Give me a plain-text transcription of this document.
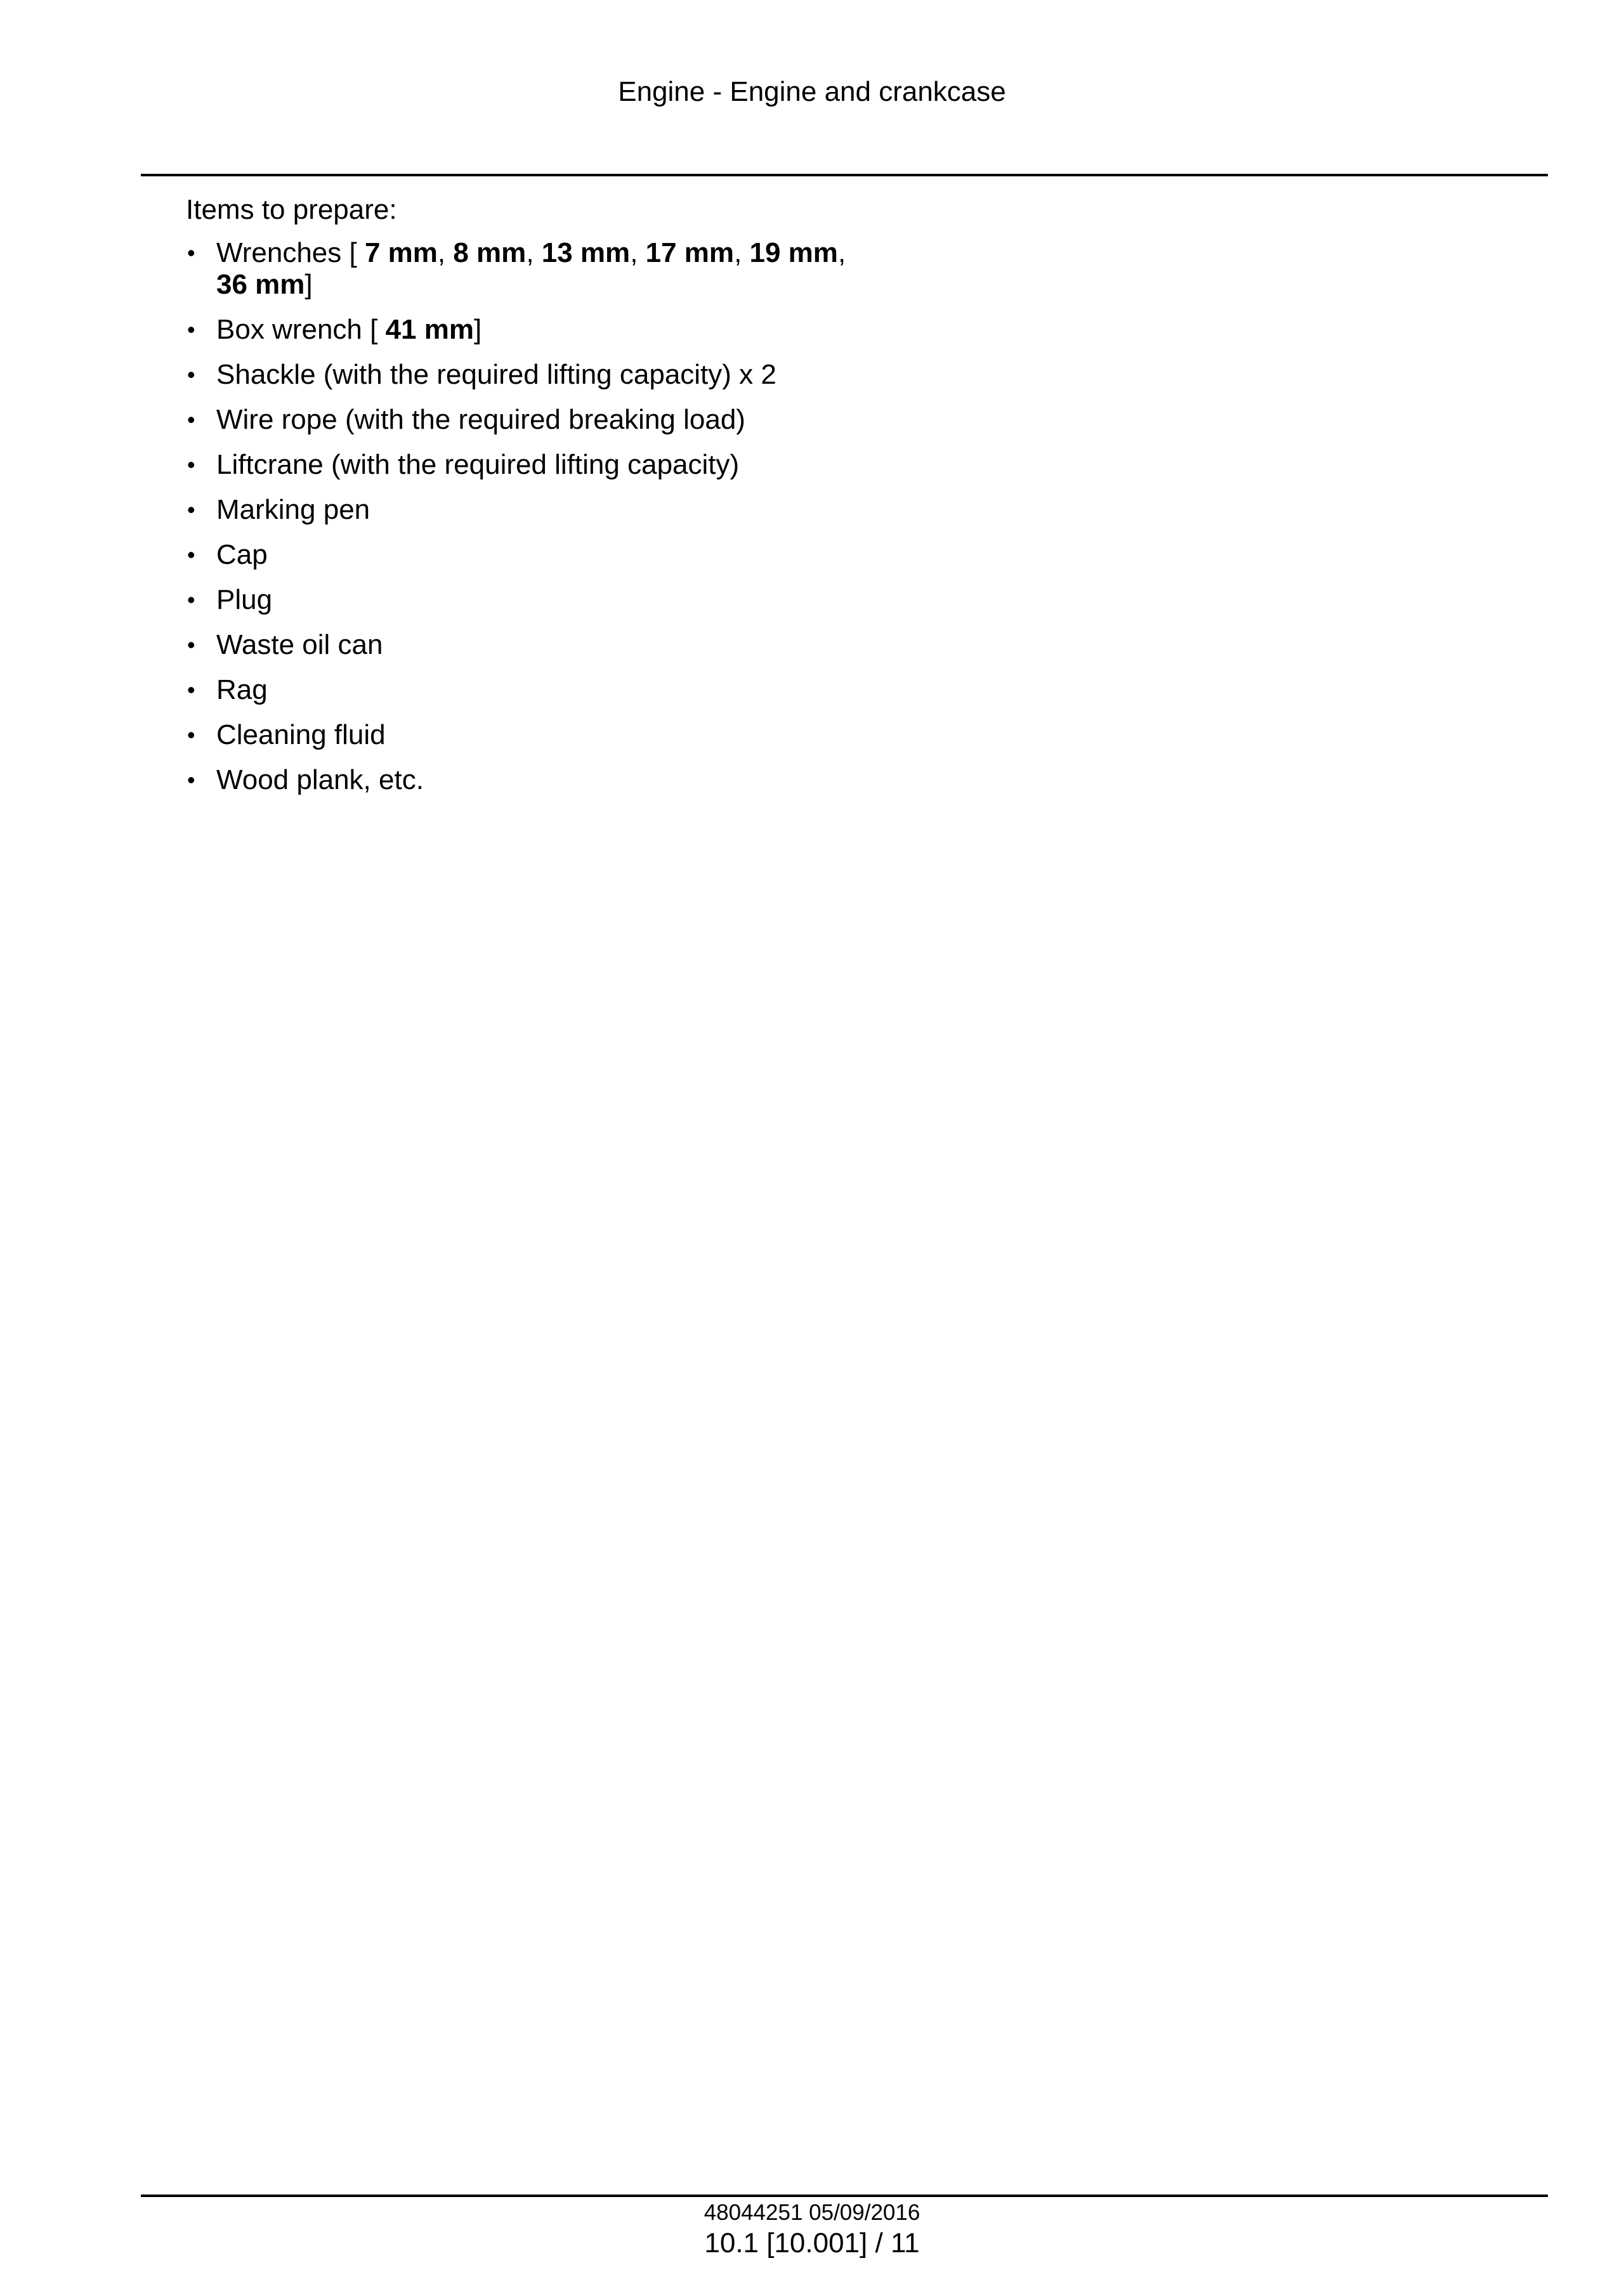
Engine - Engine and crankcase

Items to prepare:

• Wrenches [ 7 mm, 8 mm, 13 mm, 17 mm, 19 mm,
36 mm]
• Box wrench [ 41 mm]
• Shackle (with the required lifting capacity) x 2
• Wire rope (with the required breaking load)
• Liftcrane (with the required lifting capacity)
• Marking pen
• Cap
• Plug
• Waste oil can
• Rag
• Cleaning fluid
• Wood plank, etc.
48044251 05/09/2016
10.1 [10.001] / 11
